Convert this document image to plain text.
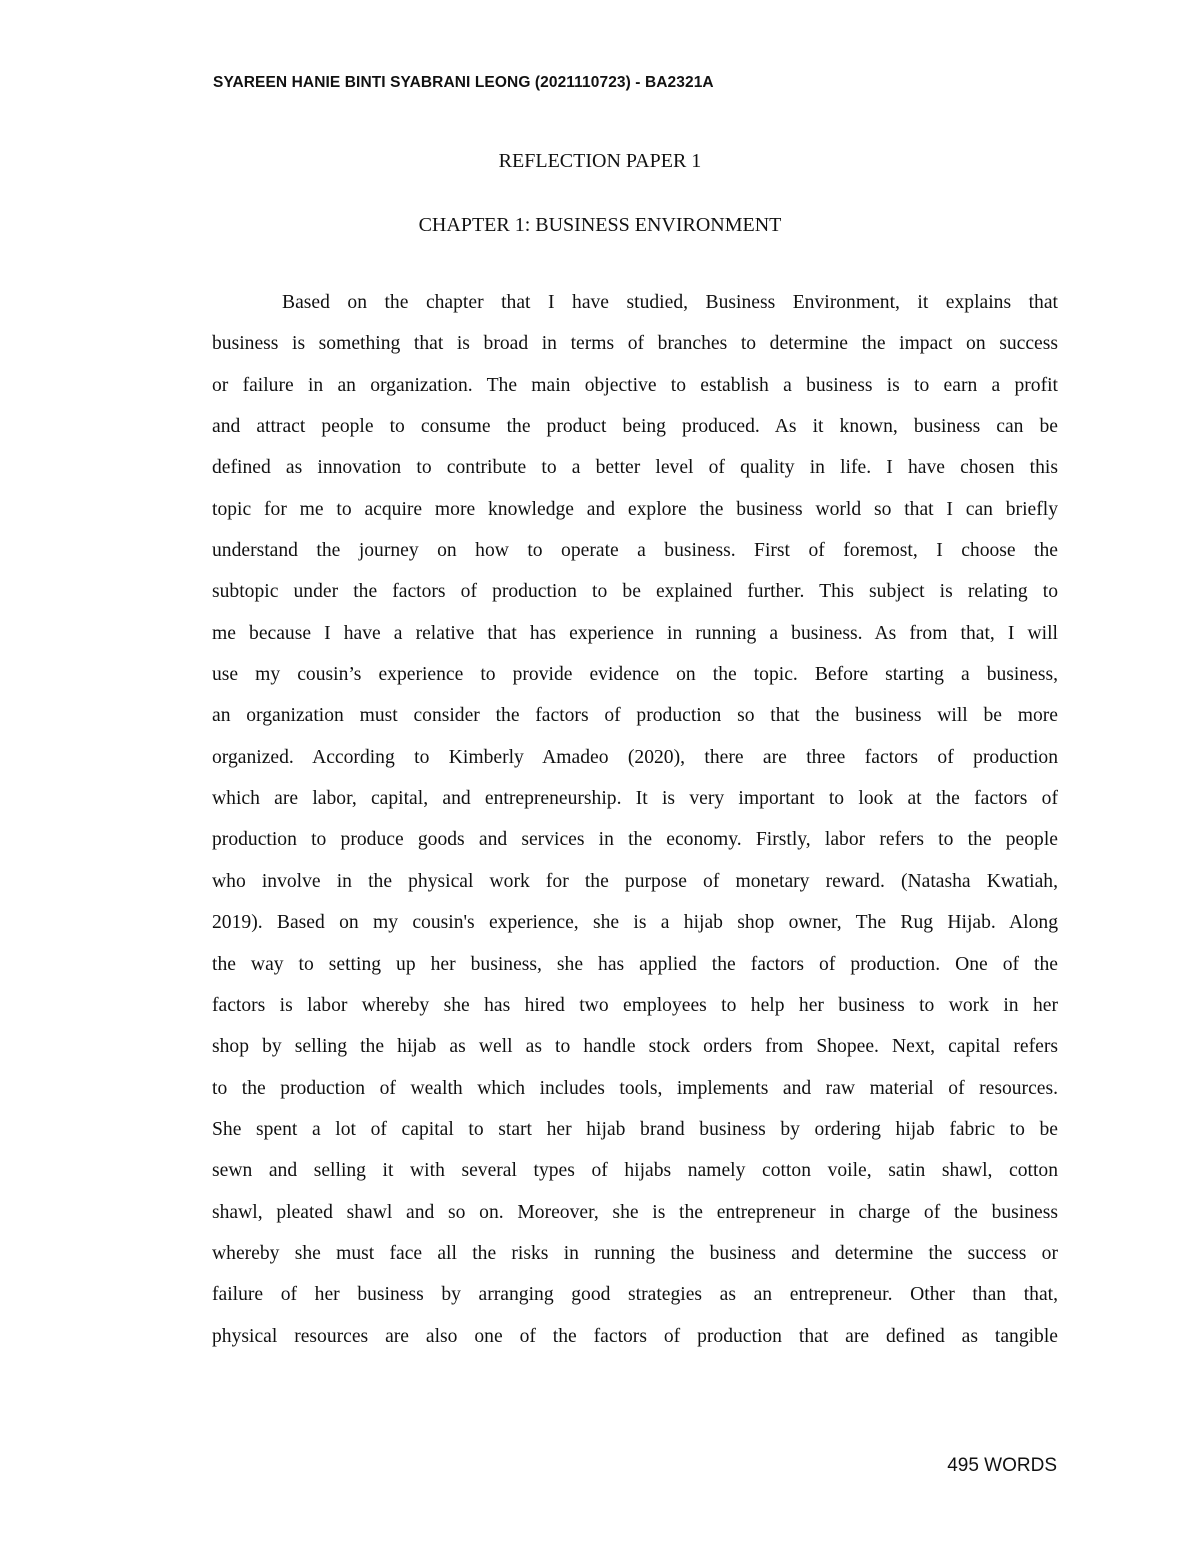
SYAREEN HANIE BINTI SYABRANI LEONG (2021110723) - BA2321A
REFLECTION PAPER 1
CHAPTER 1: BUSINESS ENVIRONMENT
Based on the chapter that I have studied, Business Environment, it explains that
business is something that is broad in terms of branches to determine the impact on success
or failure in an organization. The main objective to establish a business is to earn a profit
and attract people to consume the product being produced. As it known, business can be
defined as innovation to contribute to a better level of quality in life. I have chosen this
topic for me to acquire more knowledge and explore the business world so that I can briefly
understand the journey on how to operate a business. First of foremost, I choose the
subtopic under the factors of production to be explained further. This subject is relating to
me because I have a relative that has experience in running a business. As from that, I will
use my cousin’s experience to provide evidence on the topic. Before starting a business,
an organization must consider the factors of production so that the business will be more
organized. According to Kimberly Amadeo (2020), there are three factors of production
which are labor, capital, and entrepreneurship. It is very important to look at the factors of
production to produce goods and services in the economy. Firstly, labor refers to the people
who involve in the physical work for the purpose of monetary reward. (Natasha Kwatiah,
2019). Based on my cousin's experience, she is a hijab shop owner, The Rug Hijab. Along
the way to setting up her business, she has applied the factors of production. One of the
factors is labor whereby she has hired two employees to help her business to work in her
shop by selling the hijab as well as to handle stock orders from Shopee. Next, capital refers
to the production of wealth which includes tools, implements and raw material of resources.
She spent a lot of capital to start her hijab brand business by ordering hijab fabric to be
sewn and selling it with several types of hijabs namely cotton voile, satin shawl, cotton
shawl, pleated shawl and so on. Moreover, she is the entrepreneur in charge of the business
whereby she must face all the risks in running the business and determine the success or
failure of her business by arranging good strategies as an entrepreneur. Other than that,
physical resources are also one of the factors of production that are defined as tangible
495 WORDS
